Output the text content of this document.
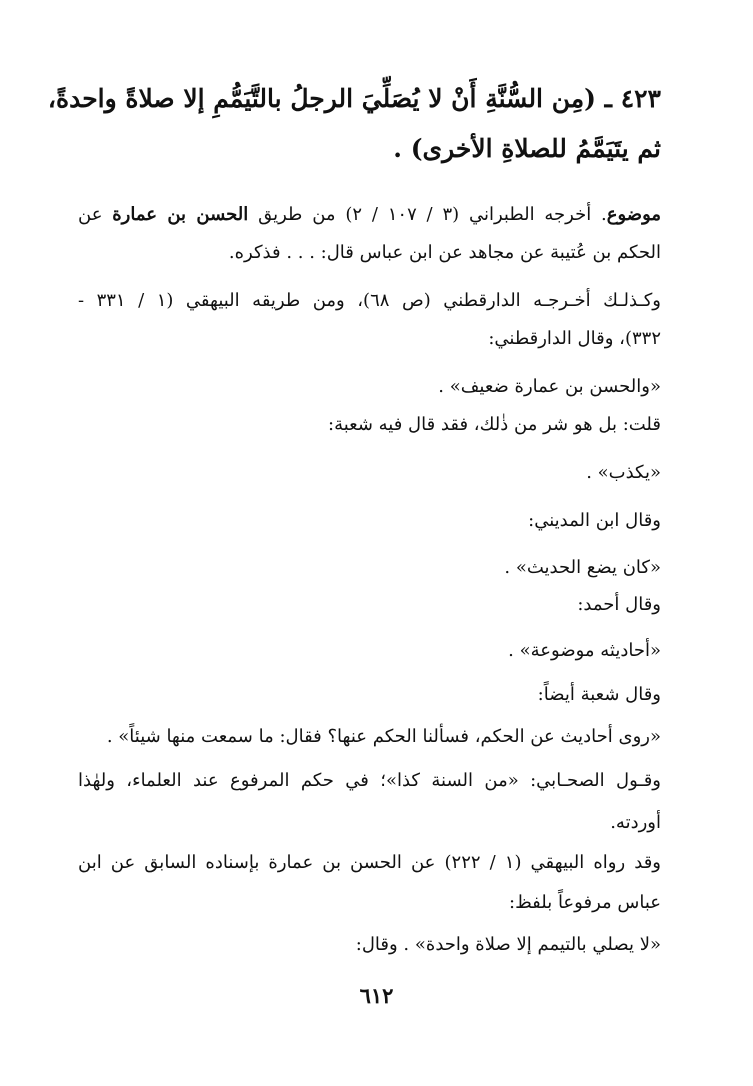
٤٢٣ ـ (مِن السُّنَّةِ أَنْ لا يُصَلِّيَ الرجلُ بالتَّيَمُّمِ إلا صلاةً واحدةً،
ثم يتَيَمَّمُ للصلاةِ الأخرى) .
موضوع. أخرجه الطبراني (٣ / ١٠٧ / ٢) من طريق الحسن بن عمارة عن
الحكم بن عُتيبة عن مجاهد عن ابن عباس قال: . . . فذكره.
وكـذلـك أخـرجـه الدارقطني (ص ٦٨)، ومن طريقه البيهقي (١ / ٣٣١ -
٣٣٢)، وقال الدارقطني:
«والحسن بن عمارة ضعيف» .
قلت: بل هو شر من ذٰلك، فقد قال فيه شعبة:
«يكذب» .
وقال ابن المديني:
«كان يضع الحديث» .
وقال أحمد:
«أحاديثه موضوعة» .
وقال شعبة أيضاً:
«روى أحاديث عن الحكم، فسألنا الحكم عنها؟ فقال: ما سمعت منها شيئاً» .
وقـول الصحـابي: «من السنة كذا»؛ في حكم المرفوع عند العلماء، ولهٰذا
أوردته.
وقد رواه البيهقي (١ / ٢٢٢) عن الحسن بن عمارة بإسناده السابق عن ابن
عباس مرفوعاً بلفظ:
«لا يصلي بالتيمم إلا صلاة واحدة» . وقال:
٦١٢
